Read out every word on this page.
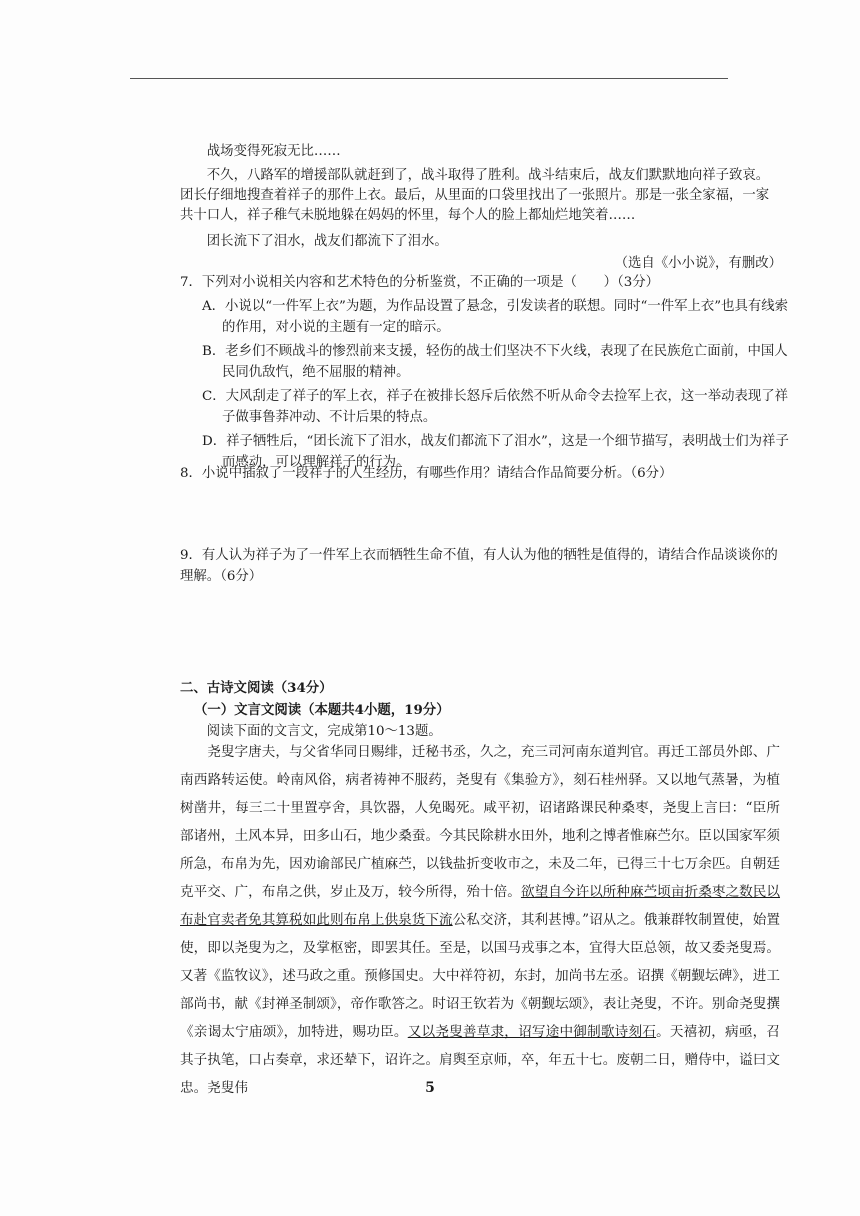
战场变得死寂无比……

不久，八路军的增援部队就赶到了，战斗取得了胜利。战斗结束后，战友们默默地向祥子致哀。团长仔细地搜查着祥子的那件上衣。最后，从里面的口袋里找出了一张照片。那是一张全家福，一家共十口人，祥子稚气未脱地躲在妈妈的怀里，每个人的脸上都灿烂地笑着……

团长流下了泪水，战友们都流下了泪水。

（选自《小小说》，有删改）

7．下列对小说相关内容和艺术特色的分析鉴赏，不正确的一项是（　　）（3分）

A．小说以“一件军上衣”为题，为作品设置了悬念，引发读者的联想。同时“一件军上衣”也具有线索的作用，对小说的主题有一定的暗示。

B．老乡们不顾战斗的惨烈前来支援，轻伤的战士们坚决不下火线，表现了在民族危亡面前，中国人民同仇敌忾，绝不屈服的精神。

C．大风刮走了祥子的军上衣，祥子在被排长怒斥后依然不听从命令去捡军上衣，这一举动表现了祥子做事鲁莽冲动、不计后果的特点。

D．祥子牺牲后，“团长流下了泪水，战友们都流下了泪水”，这是一个细节描写，表明战士们为祥子而感动，可以理解祥子的行为。

8．小说中插叙了一段祥子的人生经历，有哪些作用？请结合作品简要分析。（6分）

9．有人认为祥子为了一件军上衣而牺牲生命不值，有人认为他的牺牲是值得的，请结合作品谈谈你的理解。（6分）

二、古诗文阅读（34分）

（一）文言文阅读（本题共4小题，19分）

阅读下面的文言文，完成第10～13题。

尧叟字唐夫，与父省华同日赐绯，迁秘书丞，久之，充三司河南东道判官。再迁工部员外郎、广南西路转运使。岭南风俗，病者祷神不服药，尧叟有《集验方》，刻石桂州驿。又以地气蒸暑，为植树凿井，每三二十里置亭舍，具饮器，人免暍死。咸平初，诏诸路课民种桑枣，尧叟上言曰：“臣所部诸州，土风本异，田多山石，地少桑蚕。今其民除耕水田外，地利之博者惟麻苎尔。臣以国家军须所急，布帛为先，因劝谕部民广植麻苎，以钱盐折变收市之，未及二年，已得三十七万余匹。自朝廷克平交、广，布帛之供，岁止及万，较今所得，殆十倍。欲望自今许以所种麻苎顷亩折桑枣之数民以布赴官卖者免其算税如此则布帛上供泉货下流公私交济，其利甚博。”诏从之。俄兼群牧制置使，始置使，即以尧叟为之，及掌枢密，即罢其任。至是，以国马戎事之本，宜得大臣总领，故又委尧叟焉。又著《监牧议》，述马政之重。预修国史。大中祥符初，东封，加尚书左丞。诏撰《朝觐坛碑》，进工部尚书，献《封禅圣制颂》，帝作歌答之。时诏王钦若为《朝觐坛颂》，表让尧叟，不许。别命尧叟撰《亲谒太宁庙颂》，加特进，赐功臣。又以尧叟善草隶，诏写途中御制歌诗刻石。天禧初，病亟，召其子执笔，口占奏章，求还辇下，诏许之。肩舆至京师，卒，年五十七。废朝二日，赠侍中，谥曰文忠。尧叟伟	5
